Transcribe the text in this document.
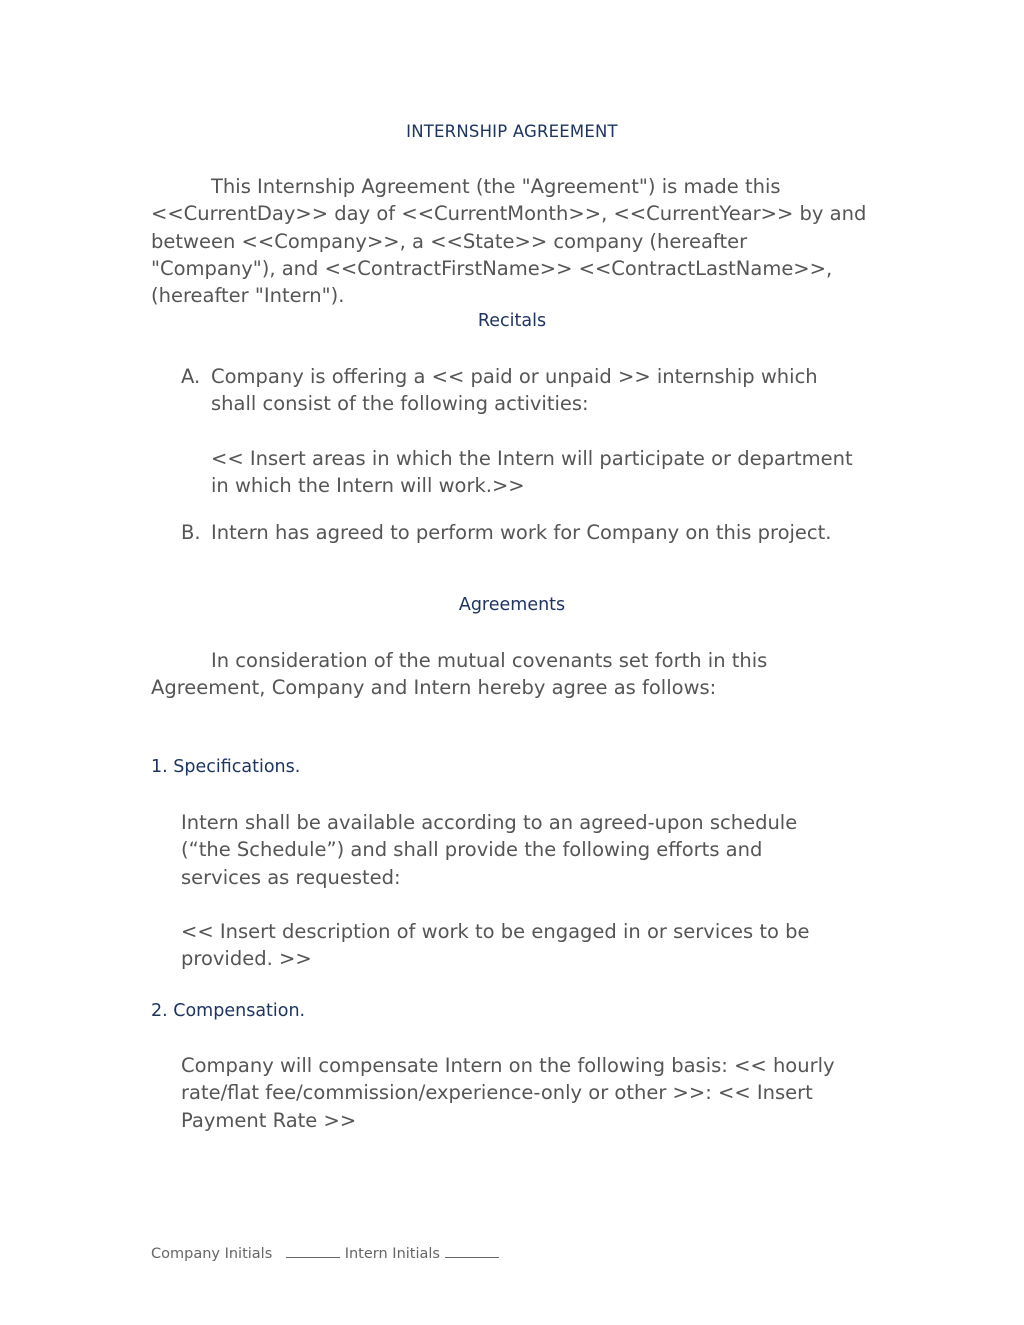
INTERNSHIP AGREEMENT

This Internship Agreement (the "Agreement") is made this <<CurrentDay>> day of <<CurrentMonth>>, <<CurrentYear>> by and between <<Company>>, a <<State>> company (hereafter "Company"), and <<ContractFirstName>> <<ContractLastName>>, (hereafter "Intern").

Recitals
A. Company is offering a << paid or unpaid >> internship which shall consist of the following activities:

<< Insert areas in which the Intern will participate or department in which the Intern will work.>>

B. Intern has agreed to perform work for Company on this project.

Agreements

In consideration of the mutual covenants set forth in this Agreement, Company and Intern hereby agree as follows:

1. Specifications.

Intern shall be available according to an agreed-upon schedule (“the Schedule”) and shall provide the following efforts and services as requested:

<< Insert description of work to be engaged in or services to be provided. >>

2. Compensation.

Company will compensate Intern on the following basis: << hourly rate/flat fee/commission/experience-only or other >>: << Insert Payment Rate >>

Company Initials	Intern Initials
